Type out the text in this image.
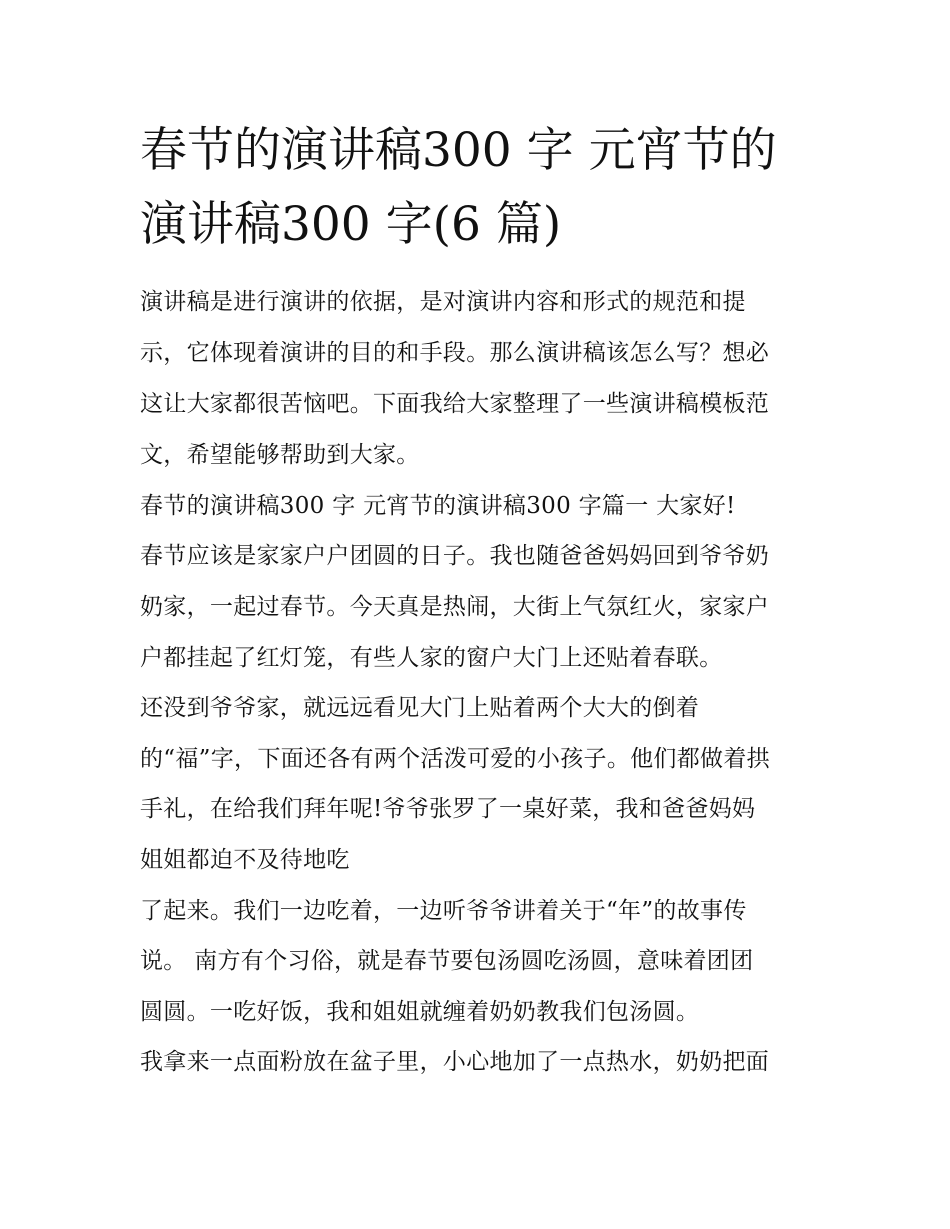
春节的演讲稿300 字 元宵节的演讲稿300 字(6 篇)
演讲稿是进行演讲的依据，是对演讲内容和形式的规范和提
示，它体现着演讲的目的和手段。那么演讲稿该怎么写？想必
这让大家都很苦恼吧。下面我给大家整理了一些演讲稿模板范
文，希望能够帮助到大家。
春节的演讲稿300 字 元宵节的演讲稿300 字篇一 大家好!
春节应该是家家户户团圆的日子。我也随爸爸妈妈回到爷爷奶
奶家，一起过春节。今天真是热闹，大街上气氛红火，家家户
户都挂起了红灯笼，有些人家的窗户大门上还贴着春联。
还没到爷爷家，就远远看见大门上贴着两个大大的倒着
的“福”字，下面还各有两个活泼可爱的小孩子。他们都做着拱
手礼，在给我们拜年呢!爷爷张罗了一桌好菜，我和爸爸妈妈
姐姐都迫不及待地吃
了起来。我们一边吃着，一边听爷爷讲着关于“年”的故事传
说。 南方有个习俗，就是春节要包汤圆吃汤圆，意味着团团
圆圆。一吃好饭，我和姐姐就缠着奶奶教我们包汤圆。
我拿来一点面粉放在盆子里，小心地加了一点热水，奶奶把面
